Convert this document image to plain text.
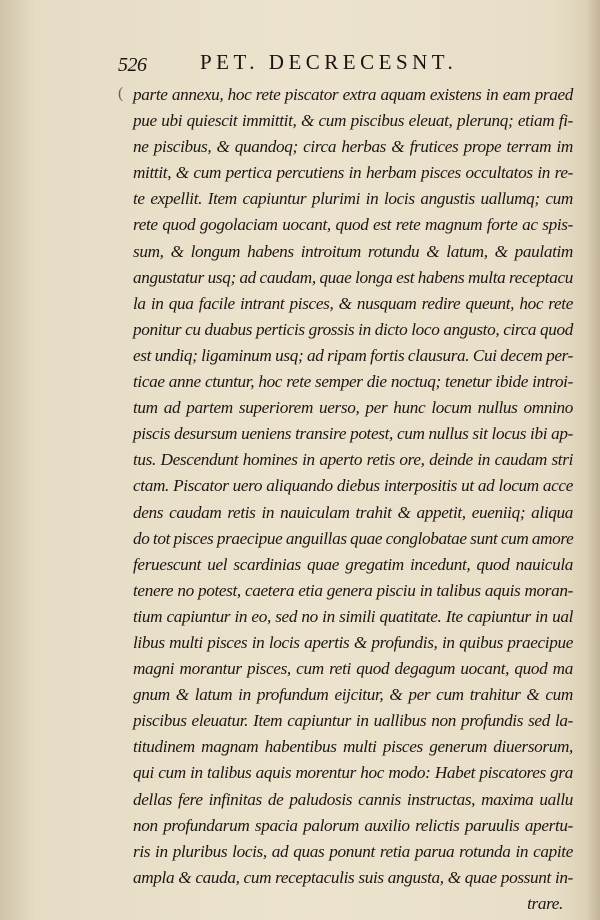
526	PET. DECRECESNT.
( parte annexu, hoc rete piscator extra aquam existens in eam praed
pue ubi quiescit immittit, & cum piscibus eleuat, plerunq; etiam fi-
ne piscibus, & quandoq; circa herbas & frutices prope terram im
mittit, & cum pertica percutiens in herbam pisces occultatos in re-
te expellit. Item capiuntur plurimi in locis angustis uallumq; cum
rete quod gogolaciam uocant, quod est rete magnum forte ac spis-
sum, & longum habens introitum rotundu & latum, & paulatim
angustatur usq; ad caudam, quae longa est habens multa receptacu
la in qua facile intrant pisces, & nusquam redire queunt, hoc rete
ponitur cu duabus perticis grossis in dicto loco angusto, circa quod
est undiq; ligaminum usq; ad ripam fortis clausura. Cui decem per-
ticae anne ctuntur, hoc rete semper die noctuq; tenetur ibide introi-
tum ad partem superiorem uerso, per hunc locum nullus omnino
piscis desursum ueniens transire potest, cum nullus sit locus ibi ap-
tus. Descendunt homines in aperto retis ore, deinde in caudam stri
ctam. Piscator uero aliquando diebus interpositis ut ad locum acce
dens caudam retis in nauiculam trahit & appetit, eueniiq; aliqua
do tot pisces praecipue anguillas quae conglobatae sunt cum amore
feruescunt uel scardinias quae gregatim incedunt, quod nauicula
tenere no potest, caetera etia genera pisciu in talibus aquis moran-
tium capiuntur in eo, sed no in simili quatitate. Ite capiuntur in ual
libus multi pisces in locis apertis & profundis, in quibus praecipue
magni morantur pisces, cum reti quod degagum uocant, quod ma
gnum & latum in profundum eijcitur, & per cum trahitur & cum
piscibus eleuatur. Item capiuntur in uallibus non profundis sed la-
titudinem magnam habentibus multi pisces generum diuersorum,
qui cum in talibus aquis morentur hoc modo: Habet piscatores gra
dellas fere infinitas de paludosis cannis instructas, maxima uallu
non profundarum spacia palorum auxilio relictis paruulis apertu-
ris in pluribus locis, ad quas ponunt retia parua rotunda in capite
ampla & cauda, cum receptaculis suis angusta, & quae possunt in-
trare.
